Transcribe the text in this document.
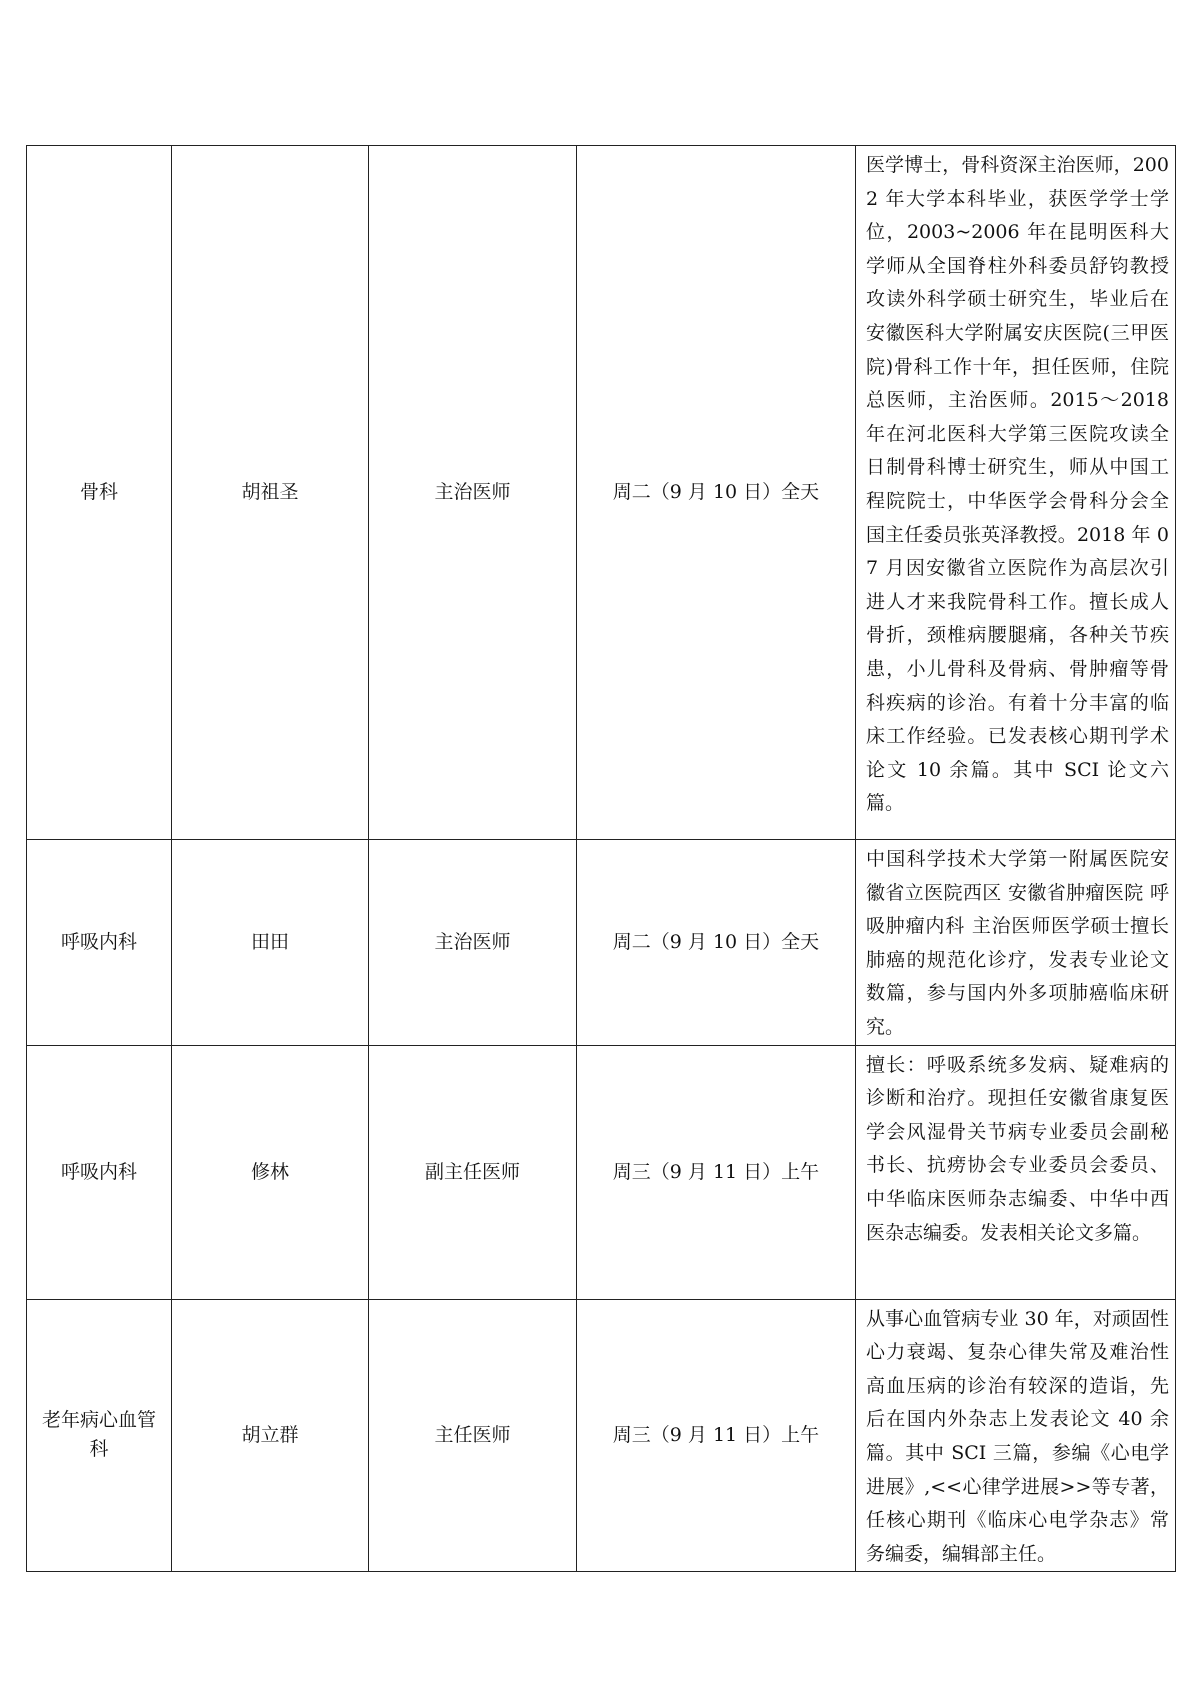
骨科	胡祖圣	主治医师	周二（9 月 10 日）全天	医学博士，骨科资深主治医师，2002 年大学本科毕业，获医学学士学位，2003~2006 年在昆明医科大学师从全国脊柱外科委员舒钧教授攻读外科学硕士研究生，毕业后在安徽医科大学附属安庆医院(三甲医院)骨科工作十年，担任医师，住院总医师，主治医师。2015～2018 年在河北医科大学第三医院攻读全日制骨科博士研究生，师从中国工程院院士，中华医学会骨科分会全国主任委员张英泽教授。2018 年 07 月因安徽省立医院作为高层次引进人才来我院骨科工作。擅长成人骨折，颈椎病腰腿痛，各种关节疾患，小儿骨科及骨病、骨肿瘤等骨科疾病的诊治。有着十分丰富的临床工作经验。已发表核心期刊学术论文 10 余篇。其中 SCI 论文六篇。
呼吸内科	田田	主治医师	周二（9 月 10 日）全天	中国科学技术大学第一附属医院安徽省立医院西区 安徽省肿瘤医院 呼吸肿瘤内科 主治医师医学硕士擅长肺癌的规范化诊疗，发表专业论文数篇，参与国内外多项肺癌临床研究。
呼吸内科	修林	副主任医师	周三（9 月 11 日）上午	擅长：呼吸系统多发病、疑难病的诊断和治疗。现担任安徽省康复医学会风湿骨关节病专业委员会副秘书长、抗痨协会专业委员会委员、中华临床医师杂志编委、中华中西医杂志编委。发表相关论文多篇。
老年病心血管科	胡立群	主任医师	周三（9 月 11 日）上午	从事心血管病专业 30 年，对顽固性心力衰竭、复杂心律失常及难治性高血压病的诊治有较深的造诣，先后在国内外杂志上发表论文 40 余篇。其中 SCI 三篇，参编《心电学进展》,<<心律学进展>>等专著，任核心期刊《临床心电学杂志》常务编委，编辑部主任。
